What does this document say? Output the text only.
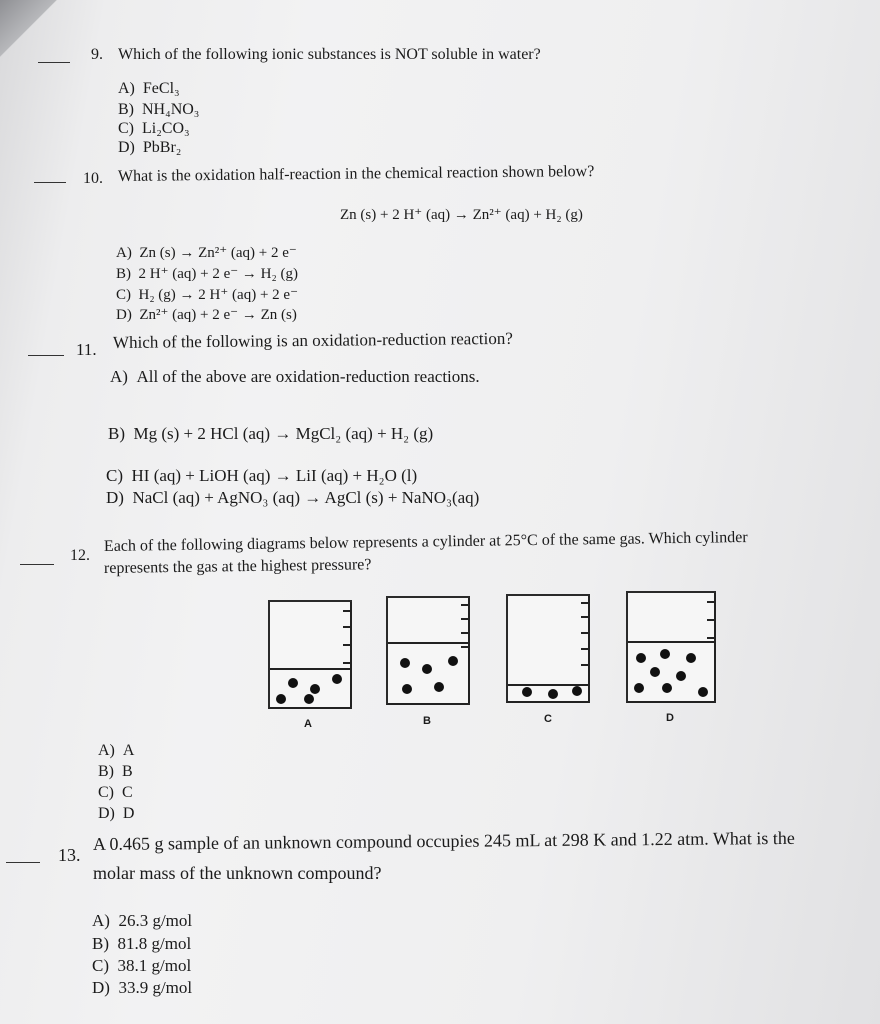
9. Which of the following ionic substances is NOT soluble in water?
A) FeCl₃
B) NH₄NO₃
C) Li₂CO₃
D) PbBr₂
10. What is the oxidation half-reaction in the chemical reaction shown below?
Zn (s) + 2 H⁺ (aq) → Zn²⁺ (aq) + H₂ (g)
A) Zn (s) → Zn²⁺ (aq) + 2 e⁻
B) 2 H⁺ (aq) + 2 e⁻ → H₂ (g)
C) H₂ (g) → 2 H⁺ (aq) + 2 e⁻
D) Zn²⁺ (aq) + 2 e⁻ → Zn (s)
11. Which of the following is an oxidation-reduction reaction?
A) All of the above are oxidation-reduction reactions.
B) Mg (s) + 2 HCl (aq) → MgCl₂ (aq) + H₂ (g)
C) HI (aq) + LiOH (aq) → LiI (aq) + H₂O (l)
D) NaCl (aq) + AgNO₃ (aq) → AgCl (s) + NaNO₃(aq)
12.
Each of the following diagrams below represents a cylinder at 25°C of the same gas. Which cylinder
represents the gas at the highest pressure?
A	B	C	D
A) A
B) B
C) C
D) D
13.
A 0.465 g sample of an unknown compound occupies 245 mL at 298 K and 1.22 atm. What is the
molar mass of the unknown compound?
A) 26.3 g/mol
B) 81.8 g/mol
C) 38.1 g/mol
D) 33.9 g/mol
